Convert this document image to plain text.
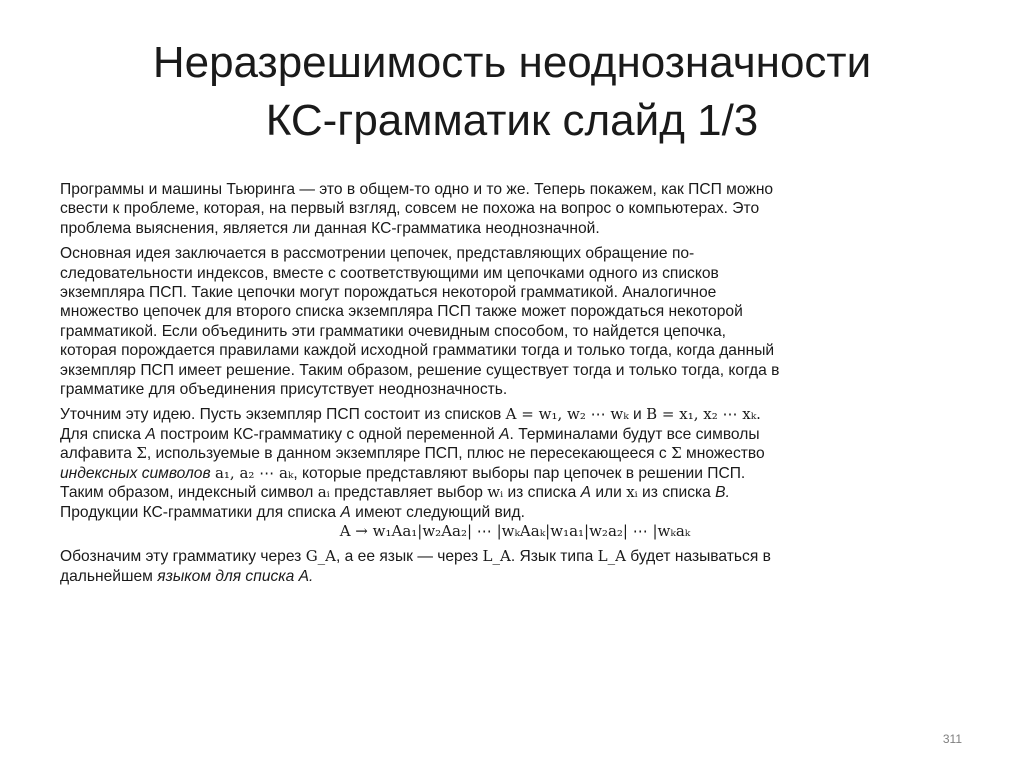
Неразрешимость неоднозначности
КС-грамматик слайд 1/3

Программы и машины Тьюринга — это в общем-то одно и то же. Теперь покажем, как ПСП можно
свести к проблеме, которая, на первый взгляд, совсем не похожа на вопрос о компьютерах. Это
проблема выяснения, является ли данная КС-грамматика неоднозначной.

Основная идея заключается в рассмотрении цепочек, представляющих обращение по-
следовательности индексов, вместе с соответствующими им цепочками одного из списков
экземпляра ПСП. Такие цепочки могут порождаться некоторой грамматикой. Аналогичное
множество цепочек для второго списка экземпляра ПСП также может порождаться некоторой
грамматикой. Если объединить эти грамматики очевидным способом, то найдется цепочка,
которая порождается правилами каждой исходной грамматики тогда и только тогда, когда данный
экземпляр ПСП имеет решение. Таким образом, решение существует тогда и только тогда, когда в
грамматике для объединения присутствует неоднозначность.

Уточним эту идею. Пусть экземпляр ПСП состоит из списков A = w₁, w₂ ⋯ wₖ и B = x₁, x₂ ⋯ xₖ.
Для списка A построим КС-грамматику с одной переменной A. Терминалами будут все символы
алфавита Σ, используемые в данном экземпляре ПСП, плюс не пересекающееся с Σ множество
индексных символов a₁, a₂ ⋯ aₖ, которые представляют выборы пар цепочек в решении ПСП.
Таким образом, индексный символ aᵢ представляет выбор wᵢ из списка A или xᵢ из списка B.
Продукции КС-грамматики для списка A имеют следующий вид.
A → w₁Aa₁|w₂Aa₂| ⋯ |wₖAaₖ|w₁a₁|w₂a₂| ⋯ |wₖaₖ

Обозначим эту грамматику через G_A, а ее язык — через L_A. Язык типа L_A будет называться в
дальнейшем языком для списка A.

311
